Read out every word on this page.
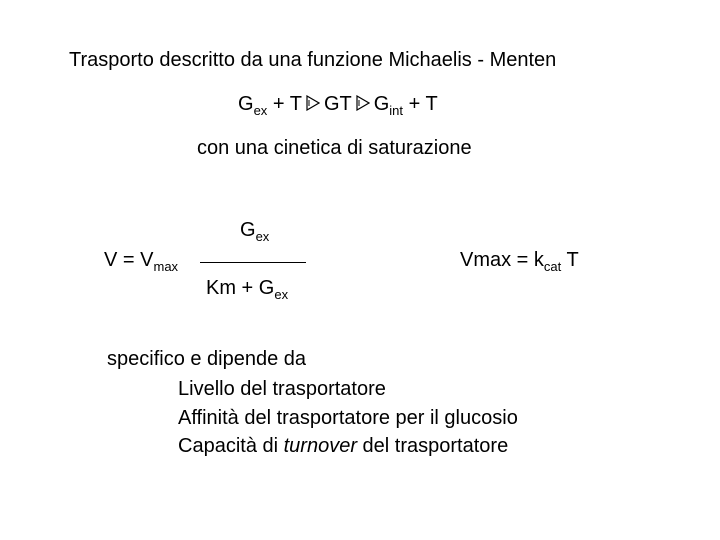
Trasporto descritto da una funzione Michaelis - Menten
$G_{ex} + T$ GT $G_{int} + T$
con una cinetica di saturazione
$G_{ex}$
$V = V_{max}$
$Km + G_{ex}$
$Vmax = k_{cat}$ T
specifico e dipende da
Livello del trasportatore
Affinità del trasportatore per il glucosio
Capacità di turnover del trasportatore
